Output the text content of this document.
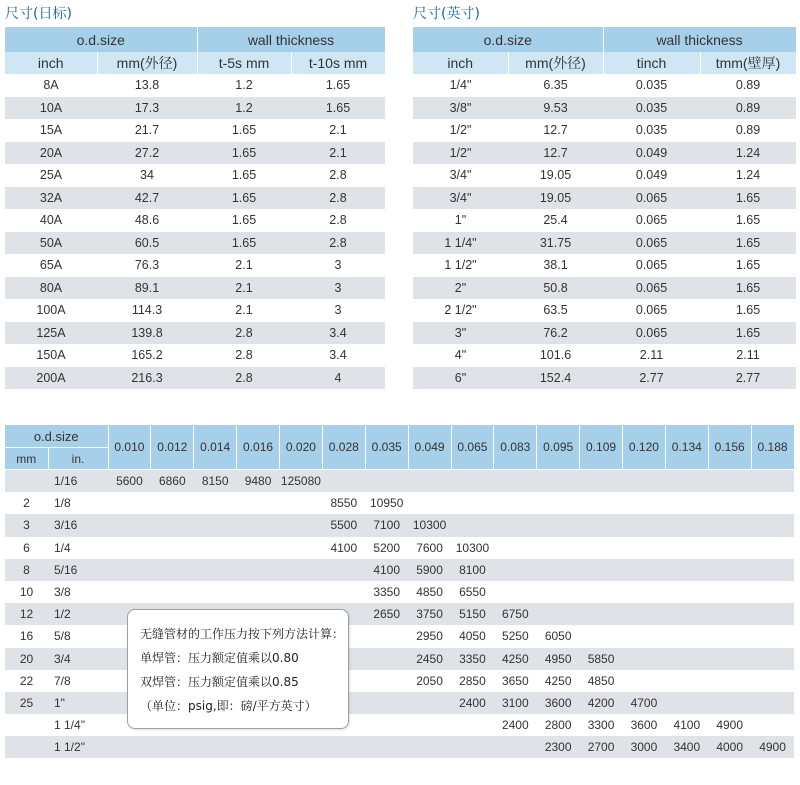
尺寸(日标)	尺寸(英寸)
o.d.size		wall thickness	
inch	mm(外径)	t-5s mm	t-10s mm
8A	13.8	1.2	1.65
10A	17.3	1.2	1.65
15A	21.7	1.65	2.1
20A	27.2	1.65	2.1
25A	34	1.65	2.8
32A	42.7	1.65	2.8
40A	48.6	1.65	2.8
50A	60.5	1.65	2.8
65A	76.3	2.1	3
80A	89.1	2.1	3
100A	114.3	2.1	3
125A	139.8	2.8	3.4
150A	165.2	2.8	3.4
200A	216.3	2.8	4
o.d.size		wall thickness	
inch	mm(外径)	tinch	tmm(壁厚)
1/4"	6.35	0.035	0.89
3/8"	9.53	0.035	0.89
1/2"	12.7	0.035	0.89
1/2"	12.7	0.049	1.24
3/4"	19.05	0.049	1.24
3/4"	19.05	0.065	1.65
1"	25.4	0.065	1.65
1 1/4"	31.75	0.065	1.65
1 1/2"	38.1	0.065	1.65
2"	50.8	0.065	1.65
2 1/2"	63.5	0.065	1.65
3"	76.2	0.065	1.65
4"	101.6	2.11	2.11
6"	152.4	2.77	2.77
o.d.size		0.010	0.012	0.014	0.016	0.020	0.028	0.035	0.049	0.065	0.083	0.095	0.109	0.120	0.134	0.156	0.188
mm	in.																
	1/16	5600	6860	8150	9480	125080											
2	1/8						8550	10950									
3	3/16						5500	7100	10300								
6	1/4						4100	5200	7600	10300							
8	5/16							4100	5900	8100							
10	3/8							3350	4850	6550							
12	1/2							2650	3750	5150	6750						
16	5/8								2950	4050	5250	6050					
20	3/4								2450	3350	4250	4950	5850				
22	7/8								2050	2850	3650	4250	4850				
25	1"									2400	3100	3600	4200	4700			
	1 1/4"										2400	2800	3300	3600	4100	4900	
	1 1/2"											2300	2700	3000	3400	4000	4900
无缝管材的工作压力按下列方法计算：
单焊管：压力额定值乘以0.80
双焊管：压力额定值乘以0.85
（单位：psig,即：磅/平方英寸）
